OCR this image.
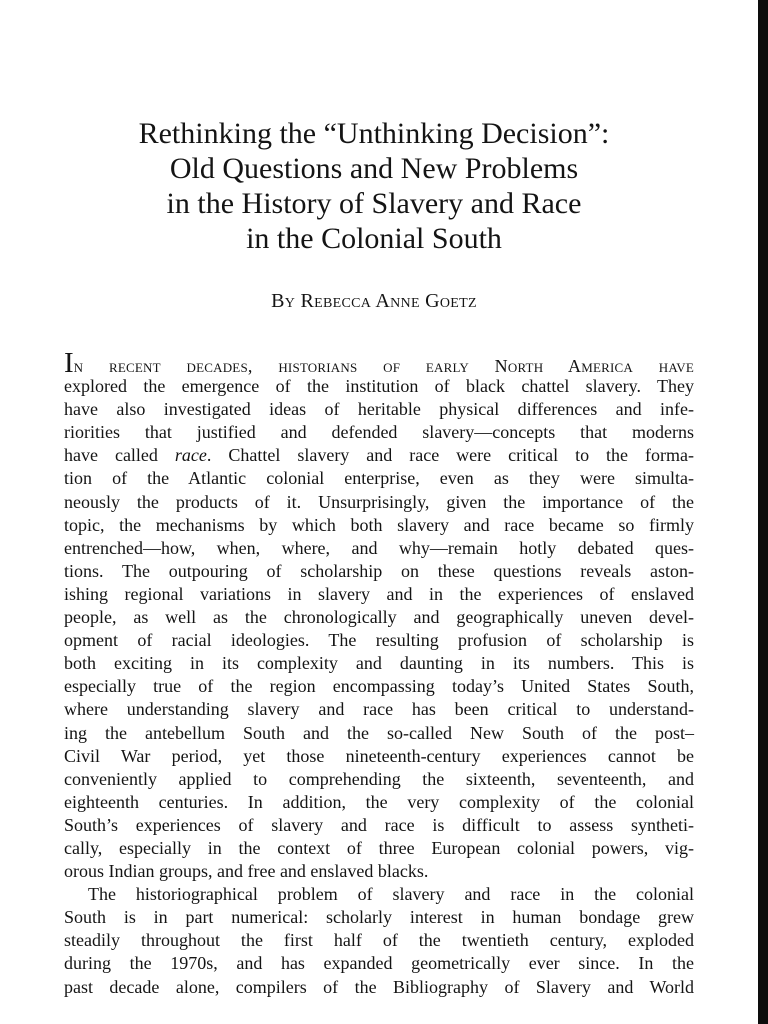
Rethinking the “Unthinking Decision”:
Old Questions and New Problems
in the History of Slavery and Race
in the Colonial South

By Rebecca Anne Goetz

In recent decades, historians of early North America have
explored the emergence of the institution of black chattel slavery. They
have also investigated ideas of heritable physical differences and infe-
riorities that justified and defended slavery—concepts that moderns
have called race. Chattel slavery and race were critical to the forma-
tion of the Atlantic colonial enterprise, even as they were simulta-
neously the products of it. Unsurprisingly, given the importance of the
topic, the mechanisms by which both slavery and race became so firmly
entrenched—how, when, where, and why—remain hotly debated ques-
tions. The outpouring of scholarship on these questions reveals aston-
ishing regional variations in slavery and in the experiences of enslaved
people, as well as the chronologically and geographically uneven devel-
opment of racial ideologies. The resulting profusion of scholarship is
both exciting in its complexity and daunting in its numbers. This is
especially true of the region encompassing today’s United States South,
where understanding slavery and race has been critical to understand-
ing the antebellum South and the so-called New South of the post–
Civil War period, yet those nineteenth-century experiences cannot be
conveniently applied to comprehending the sixteenth, seventeenth, and
eighteenth centuries. In addition, the very complexity of the colonial
South’s experiences of slavery and race is difficult to assess syntheti-
cally, especially in the context of three European colonial powers, vig-
orous Indian groups, and free and enslaved blacks.
The historiographical problem of slavery and race in the colonial
South is in part numerical: scholarly interest in human bondage grew
steadily throughout the first half of the twentieth century, exploded
during the 1970s, and has expanded geometrically ever since. In the
past decade alone, compilers of the Bibliography of Slavery and World
